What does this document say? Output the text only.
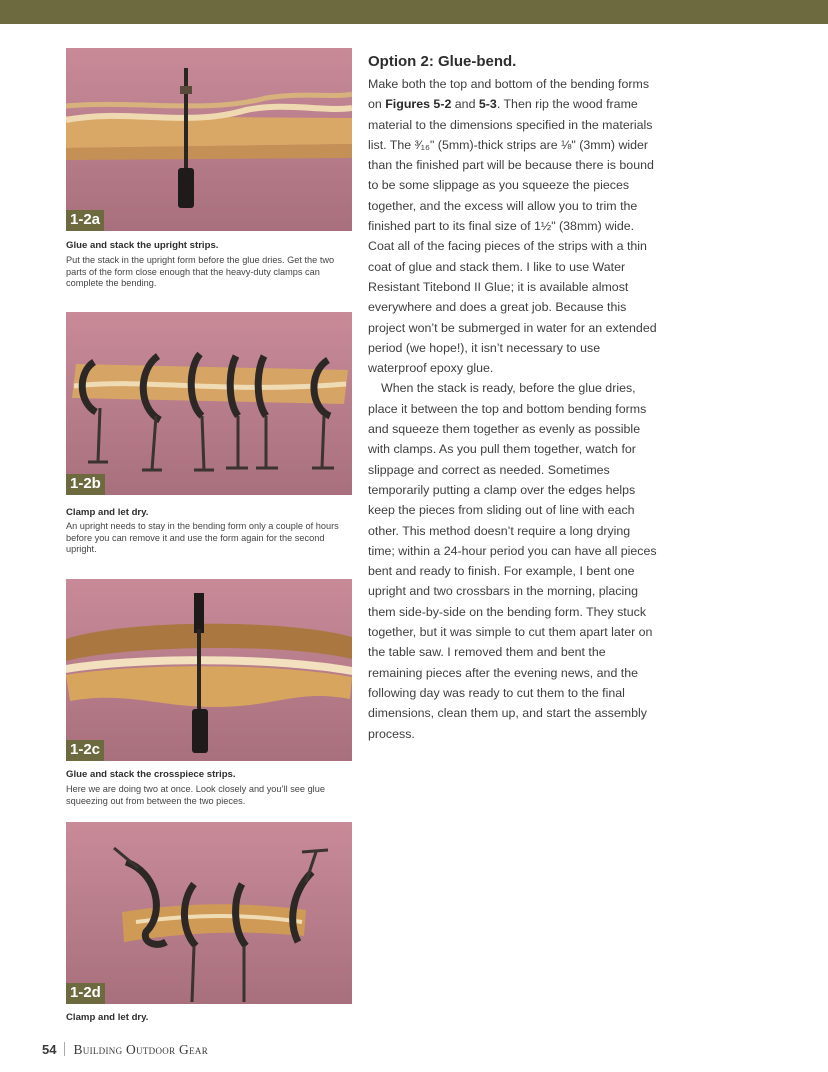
1-2a
Glue and stack the upright strips.
Put the stack in the upright form before the glue dries. Get the two parts of the form close enough that the heavy-duty clamps can complete the bending.
1-2b
Clamp and let dry.
An upright needs to stay in the bending form only a couple of hours before you can remove it and use the form again for the second upright.
1-2c
Glue and stack the crosspiece strips.
Here we are doing two at once. Look closely and you’ll see glue squeezing out from between the two pieces.
1-2d
Clamp and let dry.
Option 2: Glue-bend.

Make both the top and bottom of the bending forms on Figures 5-2 and 5-3. Then rip the wood frame material to the dimensions specified in the materials list. The ³⁄₁₆" (5mm)-thick strips are ⅛" (3mm) wider than the finished part will be because there is bound to be some slippage as you squeeze the pieces together, and the excess will allow you to trim the finished part to its final size of 1½" (38mm) wide. Coat all of the facing pieces of the strips with a thin coat of glue and stack them. I like to use Water Resistant Titebond II Glue; it is available almost everywhere and does a great job. Because this project won’t be submerged in water for an extended period (we hope!), it isn’t necessary to use waterproof epoxy glue.

When the stack is ready, before the glue dries, place it between the top and bottom bending forms and squeeze them together as evenly as possible with clamps. As you pull them together, watch for slippage and correct as needed. Sometimes temporarily putting a clamp over the edges helps keep the pieces from sliding out of line with each other. This method doesn’t require a long drying time; within a 24-hour period you can have all pieces bent and ready to finish. For example, I bent one upright and two crossbars in the morning, placing them side-by-side on the bending form. They stuck together, but it was simple to cut them apart later on the table saw. I removed them and bent the remaining pieces after the evening news, and the following day was ready to cut them to the final dimensions, clean them up, and start the assembly process.

54 Building Outdoor Gear
